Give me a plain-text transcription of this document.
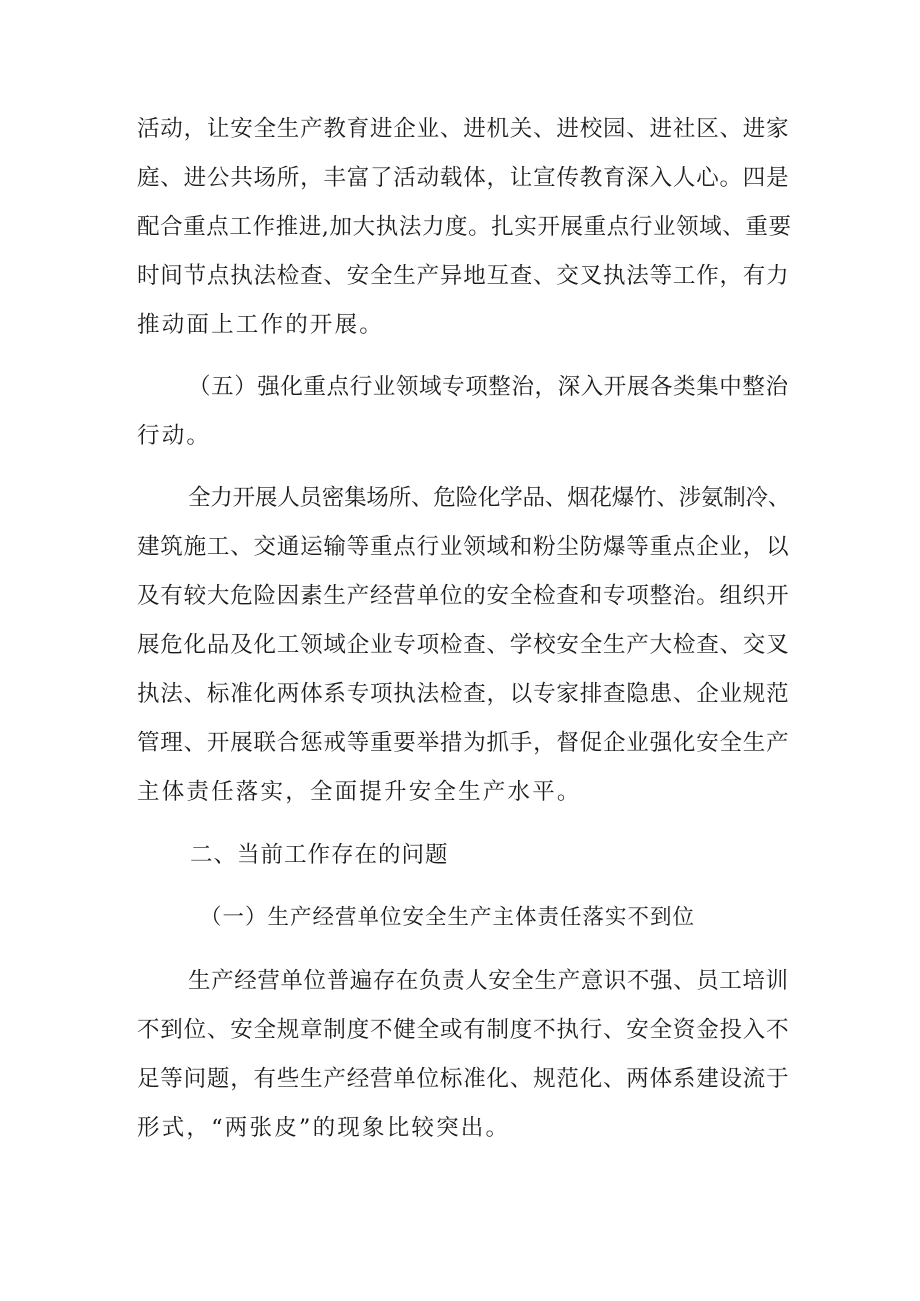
活动，让安全生产教育进企业、进机关、进校园、进社区、进家
庭、进公共场所，丰富了活动载体，让宣传教育深入人心。四是
配合重点工作推进,加大执法力度。扎实开展重点行业领域、重要
时间节点执法检查、安全生产异地互查、交叉执法等工作，有力
推动面上工作的开展。
（五）强化重点行业领域专项整治，深入开展各类集中整治
行动。
全力开展人员密集场所、危险化学品、烟花爆竹、涉氨制冷、
建筑施工、交通运输等重点行业领域和粉尘防爆等重点企业，以
及有较大危险因素生产经营单位的安全检查和专项整治。组织开
展危化品及化工领域企业专项检查、学校安全生产大检查、交叉
执法、标准化两体系专项执法检查，以专家排查隐患、企业规范
管理、开展联合惩戒等重要举措为抓手，督促企业强化安全生产
主体责任落实，全面提升安全生产水平。
二、当前工作存在的问题
（一）生产经营单位安全生产主体责任落实不到位
生产经营单位普遍存在负责人安全生产意识不强、员工培训
不到位、安全规章制度不健全或有制度不执行、安全资金投入不
足等问题，有些生产经营单位标准化、规范化、两体系建设流于
形式，“两张皮”的现象比较突出。
